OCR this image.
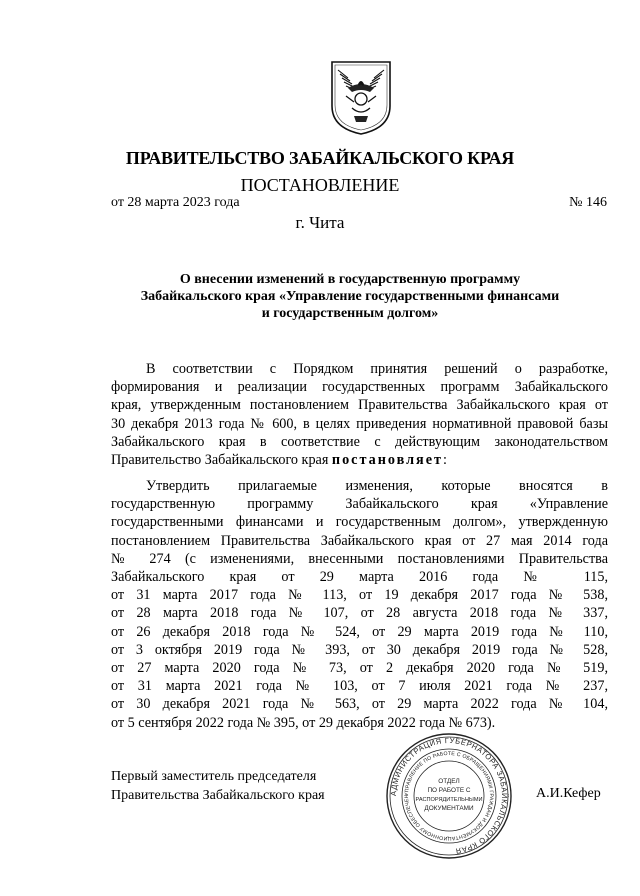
ПРАВИТЕЛЬСТВО ЗАБАЙКАЛЬСКОГО КРАЯ
ПОСТАНОВЛЕНИЕ
от 28 марта 2023 года	№ 146
г. Чита
О внесении изменений в государственную программу
Забайкальского края «Управление государственными финансами
и государственным долгом»
В соответствии с Порядком принятия решений о разработке,
формирования и реализации государственных программ Забайкальского
края, утвержденным постановлением Правительства Забайкальского края от
30 декабря 2013 года № 600, в целях приведения нормативной правовой базы
Забайкальского края в соответствие с действующим законодательством
Правительство Забайкальского края постановляет:
Утвердить прилагаемые изменения, которые вносятся в
государственную программу Забайкальского края «Управление
государственными финансами и государственным долгом», утвержденную
постановлением Правительства Забайкальского края от 27 мая 2014 года
№ 274 (с изменениями, внесенными постановлениями Правительства
Забайкальского края от 29 марта 2016 года № 115,
от 31 марта 2017 года № 113, от 19 декабря 2017 года № 538,
от 28 марта 2018 года № 107, от 28 августа 2018 года № 337,
от 26 декабря 2018 года № 524, от 29 марта 2019 года № 110,
от 3 октября 2019 года № 393, от 30 декабря 2019 года № 528,
от 27 марта 2020 года № 73, от 2 декабря 2020 года № 519,
от 31 марта 2021 года № 103, от 7 июля 2021 года № 237,
от 30 декабря 2021 года № 563, от 29 марта 2022 года № 104,
от 5 сентября 2022 года № 395, от 29 декабря 2022 года № 673).
Первый заместитель председателя
Правительства Забайкальского края	А.И.Кефер
АДМИНИСТРАЦИЯ ГУБЕРНАТОРА ЗАБАЙКАЛЬСКОГО КРАЯ
УПРАВЛЕНИЕ ПО РАБОТЕ С ОБРАЩЕНИЯМИ ГРАЖДАН И ДОКУМЕНТАЦИОННОМУ ОБЕСПЕЧЕН
ОТДЕЛ
ПО РАБОТЕ С
РАСПОРЯДИТЕЛЬНЫМИ
ДОКУМЕНТАМИ
